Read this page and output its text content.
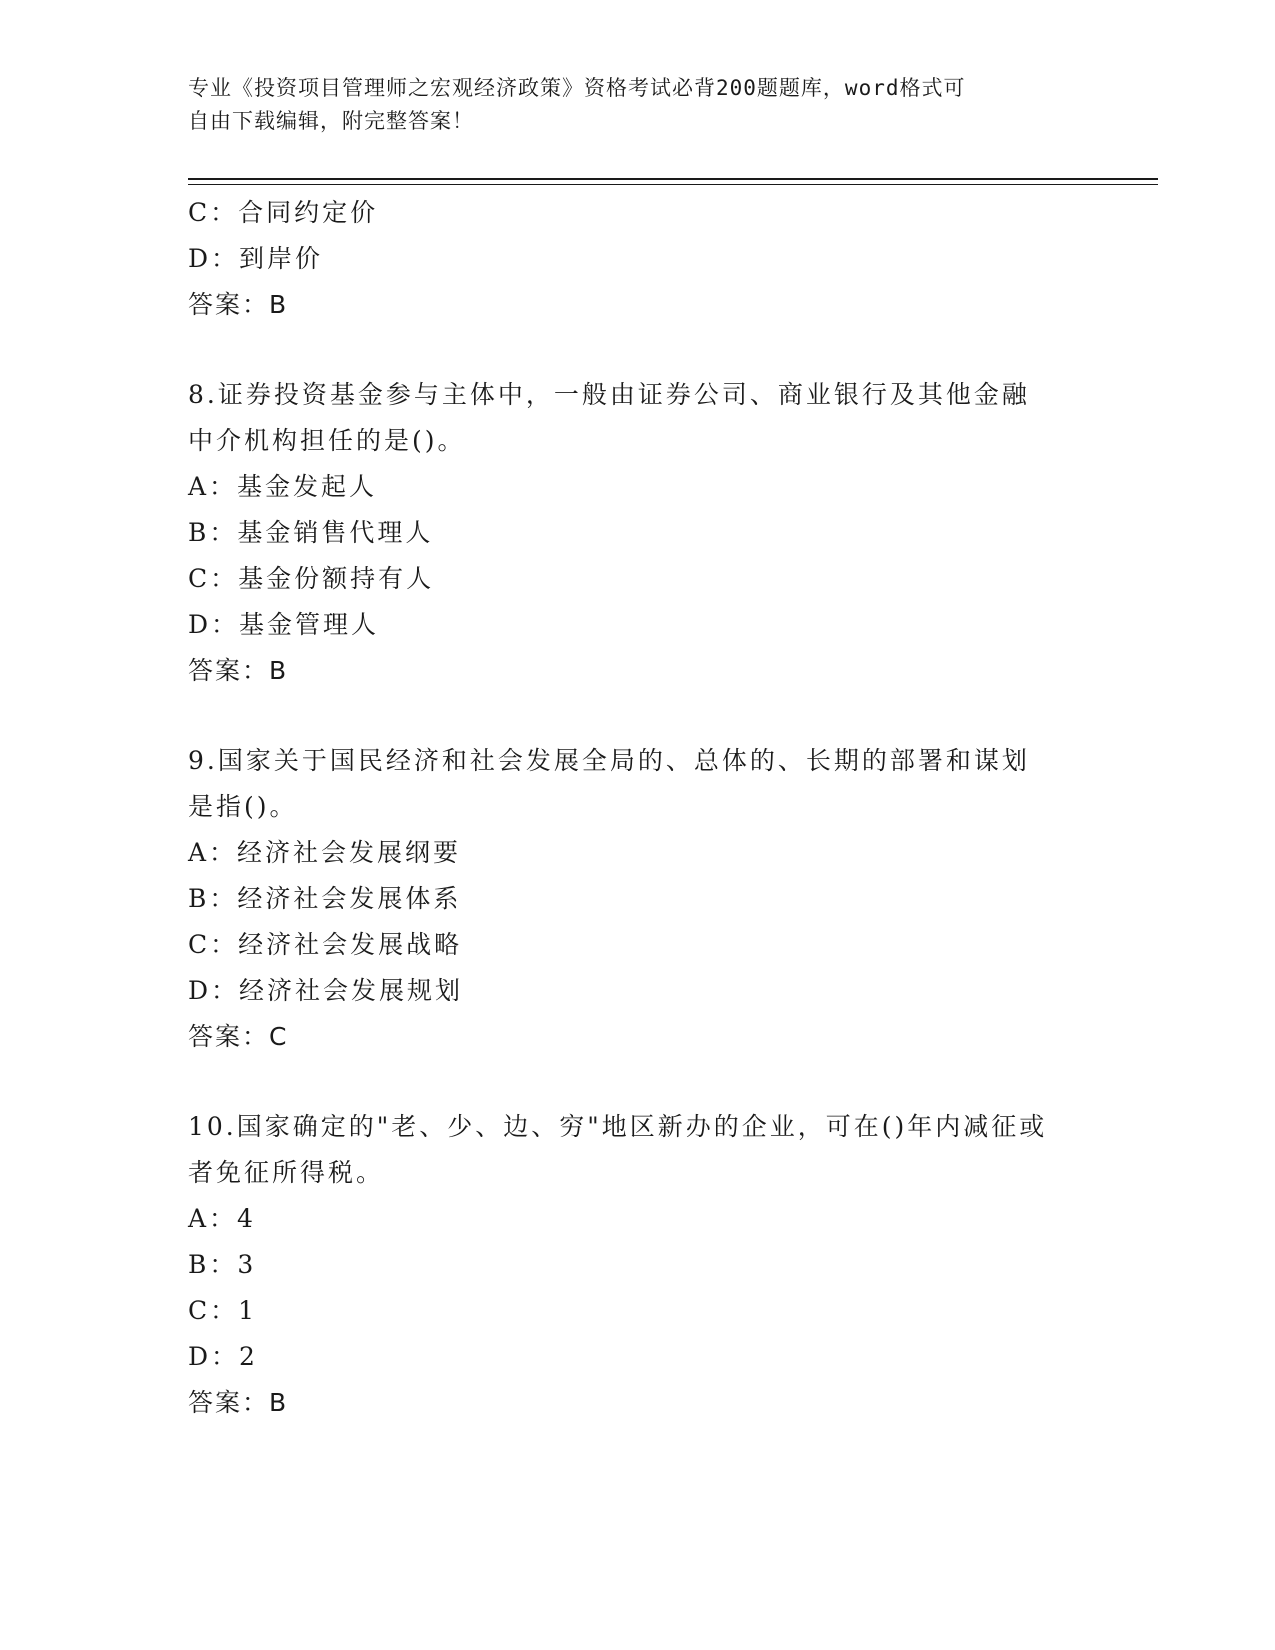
专业《投资项目管理师之宏观经济政策》资格考试必背200题题库，word格式可
自由下载编辑，附完整答案！
C：合同约定价
D：到岸价
答案：B
8.证券投资基金参与主体中，一般由证券公司、商业银行及其他金融
中介机构担任的是()。
A：基金发起人
B：基金销售代理人
C：基金份额持有人
D：基金管理人
答案：B
9.国家关于国民经济和社会发展全局的、总体的、长期的部署和谋划
是指()。
A：经济社会发展纲要
B：经济社会发展体系
C：经济社会发展战略
D：经济社会发展规划
答案：C
10.国家确定的"老、少、边、穷"地区新办的企业，可在()年内减征或
者免征所得税。
A：4
B：3
C：1
D：2
答案：B
